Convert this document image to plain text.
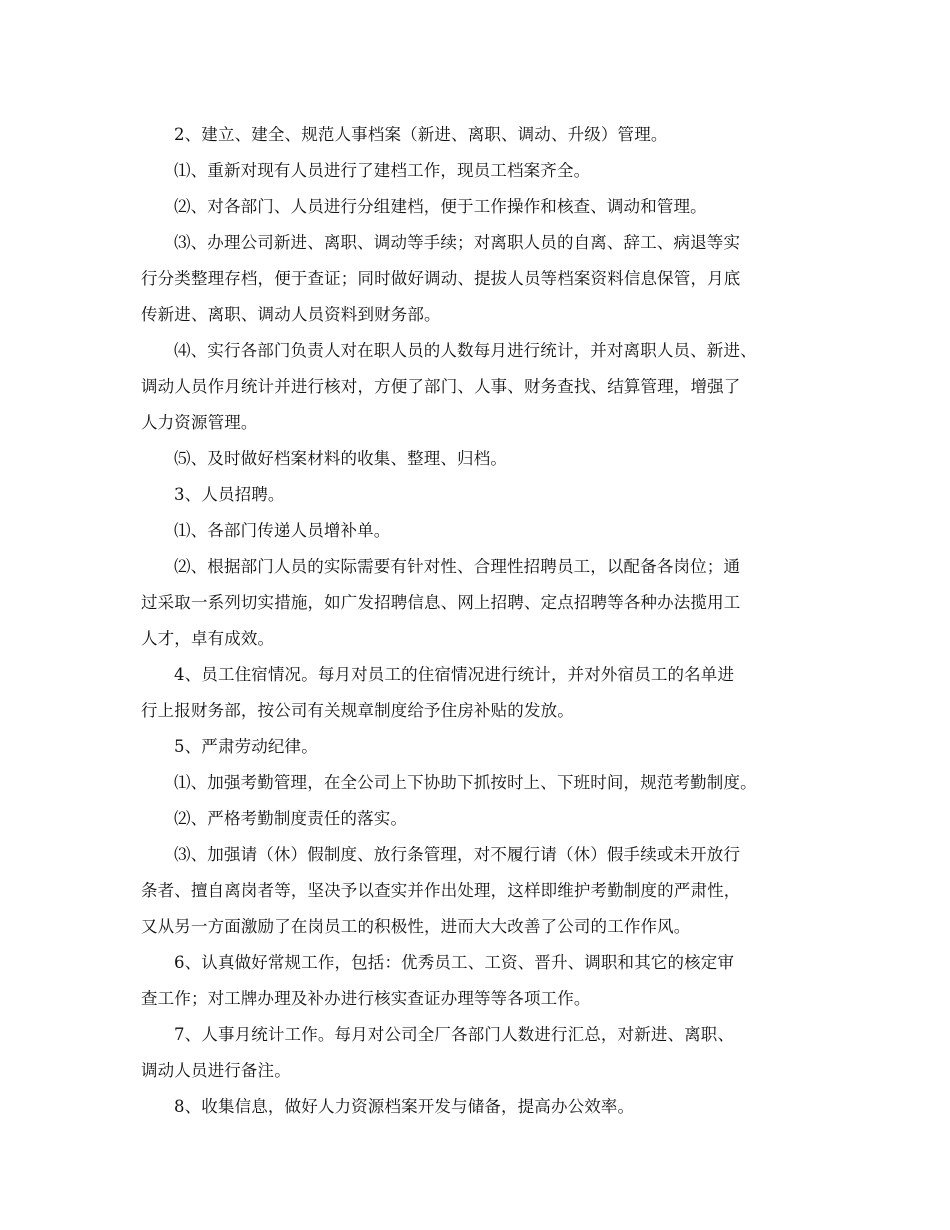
2、建立、建全、规范人事档案（新进、离职、调动、升级）管理。
⑴、重新对现有人员进行了建档工作，现员工档案齐全。
⑵、对各部门、人员进行分组建档，便于工作操作和核查、调动和管理。
⑶、办理公司新进、离职、调动等手续；对离职人员的自离、辞工、病退等实
行分类整理存档，便于查证；同时做好调动、提拔人员等档案资料信息保管，月底
传新进、离职、调动人员资料到财务部。
⑷、实行各部门负责人对在职人员的人数每月进行统计，并对离职人员、新进、
调动人员作月统计并进行核对，方便了部门、人事、财务查找、结算管理，增强了
人力资源管理。
⑸、及时做好档案材料的收集、整理、归档。
3、人员招聘。
⑴、各部门传递人员增补单。
⑵、根据部门人员的实际需要有针对性、合理性招聘员工，以配备各岗位；通
过采取一系列切实措施，如广发招聘信息、网上招聘、定点招聘等各种办法揽用工
人才，卓有成效。
4、员工住宿情况。每月对员工的住宿情况进行统计，并对外宿员工的名单进
行上报财务部，按公司有关规章制度给予住房补贴的发放。
5、严肃劳动纪律。
⑴、加强考勤管理，在全公司上下协助下抓按时上、下班时间，规范考勤制度。
⑵、严格考勤制度责任的落实。
⑶、加强请（休）假制度、放行条管理，对不履行请（休）假手续或未开放行
条者、擅自离岗者等，坚决予以查实并作出处理，这样即维护考勤制度的严肃性，
又从另一方面激励了在岗员工的积极性，进而大大改善了公司的工作作风。
6、认真做好常规工作，包括：优秀员工、工资、晋升、调职和其它的核定审
查工作；对工牌办理及补办进行核实查证办理等等各项工作。
7、人事月统计工作。每月对公司全厂各部门人数进行汇总，对新进、离职、
调动人员进行备注。
8、收集信息，做好人力资源档案开发与储备，提高办公效率。
